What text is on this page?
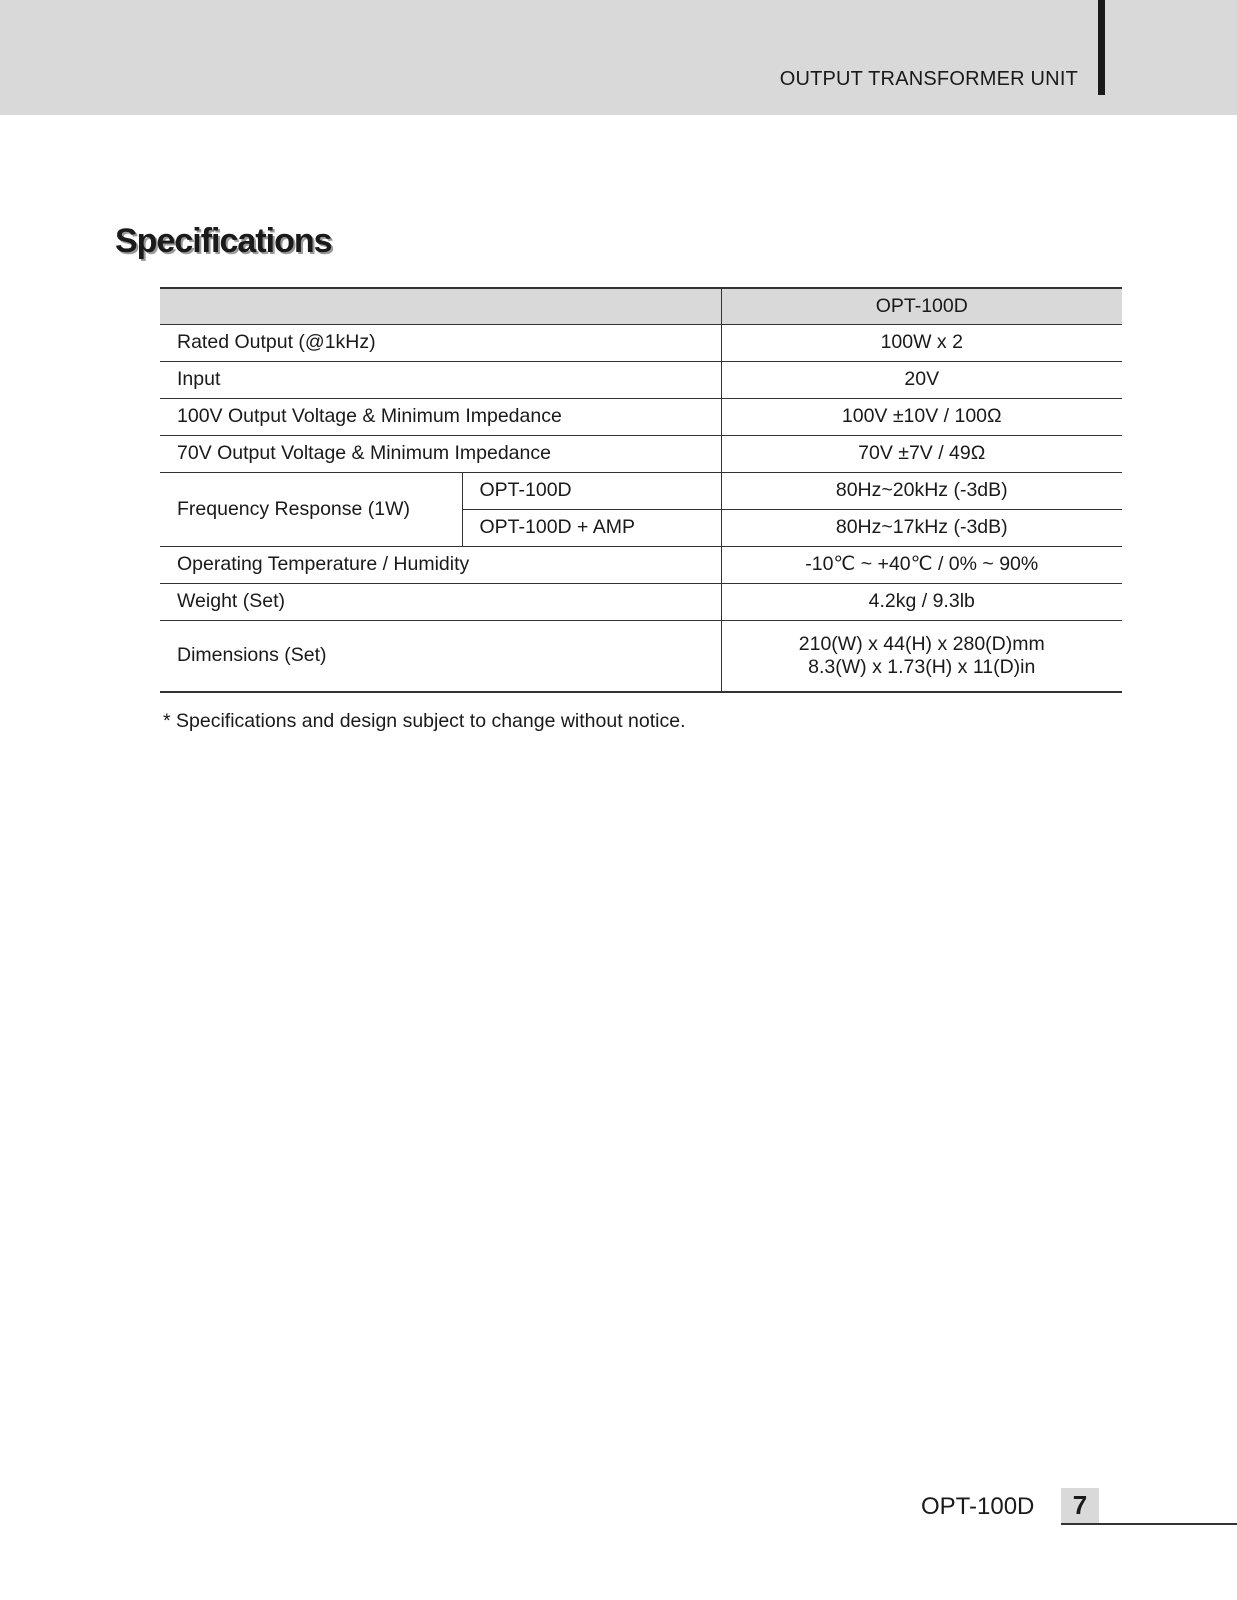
OUTPUT TRANSFORMER UNIT
Specifications
		OPT-100D
Rated Output (@1kHz)		100W x 2
Input		20V
100V Output Voltage & Minimum Impedance		100V ±10V / 100Ω
70V Output Voltage & Minimum Impedance		70V ±7V / 49Ω
Frequency Response (1W)	OPT-100D	80Hz~20kHz (-3dB)
	OPT-100D + AMP	80Hz~17kHz (-3dB)
Operating Temperature / Humidity		-10℃ ~ +40℃ / 0% ~ 90%
Weight (Set)		4.2kg / 9.3lb
Dimensions (Set)		210(W) x 44(H) x 280(D)mm
8.3(W) x 1.73(H) x 11(D)in
* Specifications and design subject to change without notice.
OPT-100D	7
